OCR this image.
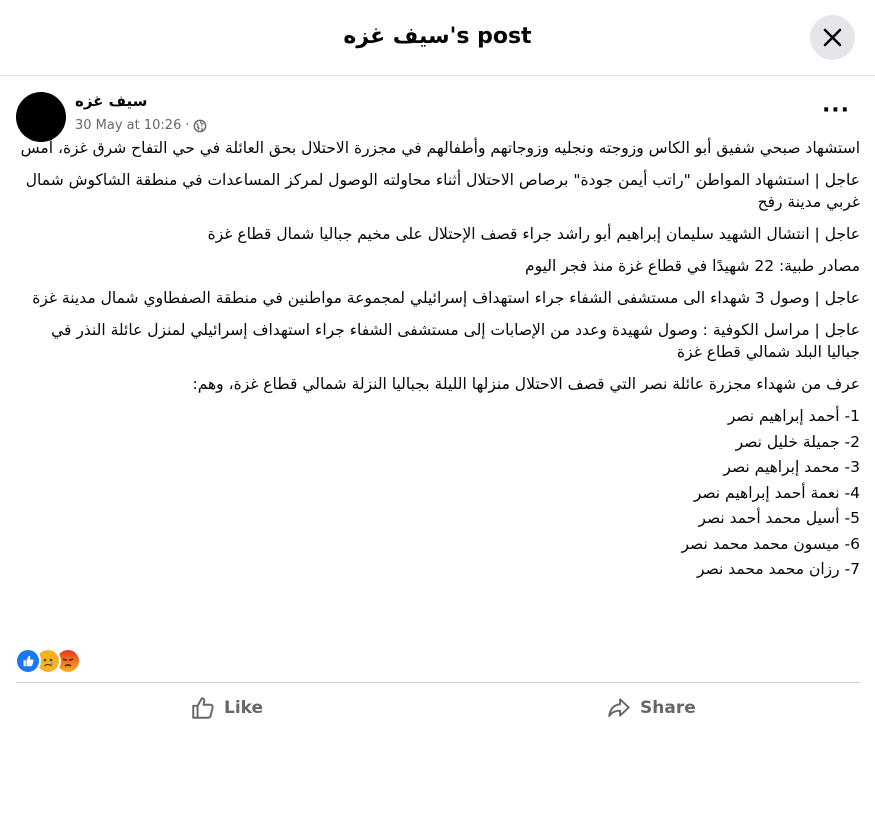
سيف غزه's post
سيف غزه
30 May at 10:26 ·
···

استشهاد صبحي شفيق أبو الكاس وزوجته ونجليه وزوجاتهم وأطفالهم في مجزرة الاحتلال بحق العائلة في حي التفاح شرق غزة، أمس

عاجل | استشهاد المواطن "راتب أيمن جودة" برصاص الاحتلال أثناء محاولته الوصول لمركز المساعدات في منطقة الشاكوش شمال غربي مدينة رفح

عاجل | انتشال الشهيد سليمان إبراهيم أبو راشد جراء قصف الإحتلال على مخيم جباليا شمال قطاع غزة

مصادر طبية: 22 شهيدًا في قطاع غزة منذ فجر اليوم

عاجل | وصول 3 شهداء الى مستشفى الشفاء جراء استهداف إسرائيلي لمجموعة مواطنين في منطقة الصفطاوي شمال مدينة غزة

عاجل | مراسل الكوفية : وصول شهيدة وعدد من الإصابات إلى مستشفى الشفاء جراء استهداف إسرائيلي لمنزل عائلة النذر في جباليا البلد شمالي قطاع غزة

عرف من شهداء مجزرة عائلة نصر التي قصف الاحتلال منزلها الليلة بجباليا النزلة شمالي قطاع غزة، وهم:

1- أحمد إبراهيم نصر
2- جميلة خليل نصر
3- محمد إبراهيم نصر
4- نعمة أحمد إبراهيم نصر
5- أسيل محمد أحمد نصر
6- ميسون محمد محمد نصر
7- رزان محمد محمد نصر
Like	Share
